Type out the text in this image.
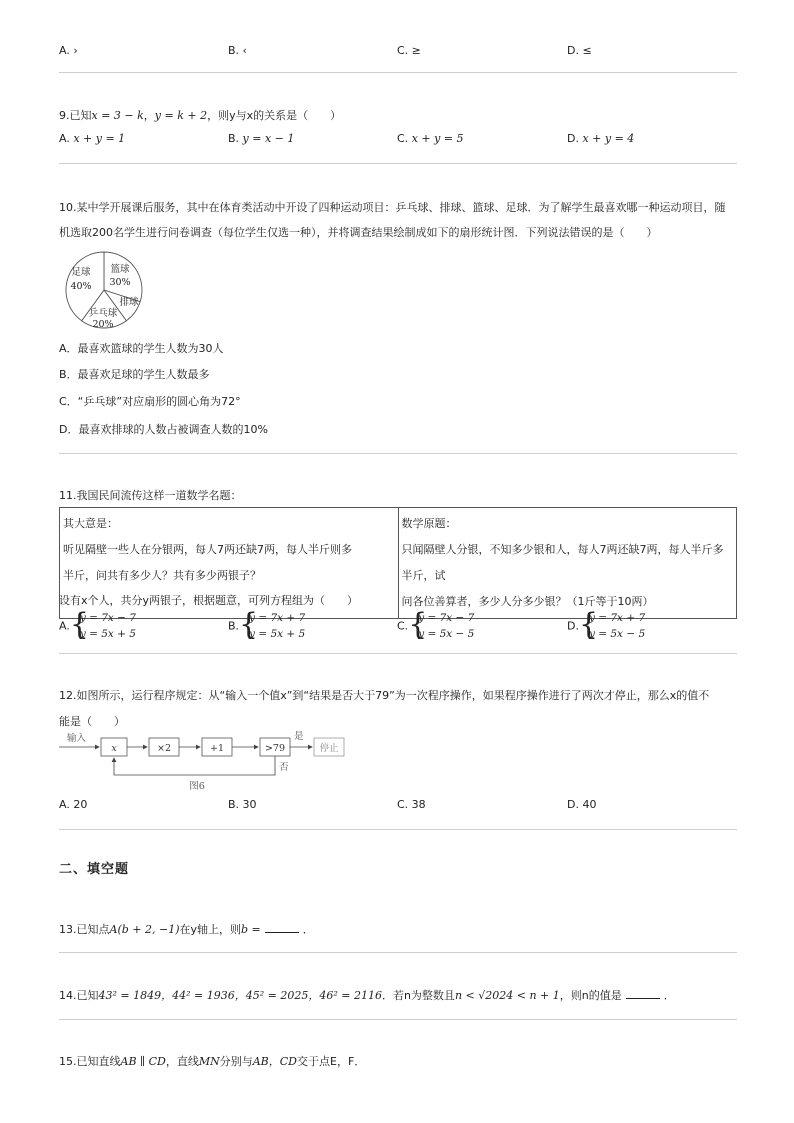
A. ›	B. ‹	C. ≥	D. ≤
9.已知x = 3 − k，y = k + 2，则y与x的关系是（　　）
A. x + y = 1	B. y = x − 1	C. x + y = 5	D. x + y = 4
10.某中学开展课后服务，其中在体育类活动中开设了四种运动项目：乒乓球、排球、篮球、足球．为了解学生最喜欢哪一种运动项目，随
机选取200名学生进行问卷调查（每位学生仅选一种），并将调查结果绘制成如下的扇形统计图．下列说法错误的是（　　）
足球
40%
篮球
30%
排球
乒乓球
20%
A．最喜欢篮球的学生人数为30人
B．最喜欢足球的学生人数最多
C．“乒乓球”对应扇形的圆心角为72°
D．最喜欢排球的人数占被调查人数的10%
11.我国民间流传这样一道数学名题：
其大意是：
听见隔壁一些人在分银两，每人7两还缺7两，每人半斤则多
半斤，问共有多少人？共有多少两银子？

数学原题：
只闻隔壁人分银，不知多少银和人，每人7两还缺7两，每人半斤多半斤，试
问各位善算者，多少人分多少银？（1斤等于10两）
设有x个人，共分y两银子，根据题意，可列方程组为（　　）
A. {
y = 7x − 7
y = 5x + 5
B. {
y = 7x + 7
y = 5x + 5
C. {
y = 7x − 7
y = 5x − 5
D. {
y = 7x + 7
y = 5x − 5
12.如图所示，运行程序规定：从“输入一个值x”到“结果是否大于79”为一次程序操作，如果程序操作进行了两次才停止，那么x的值不
能是（　　）
输入
x	×2	+1	>79
是
停止
否
图6
A. 20	B. 30	C. 38	D. 40
二、填空题
13.已知点A(b + 2, −1)在y轴上，则b =	．
14.已知43² = 1849，44² = 1936，45² = 2025，46² = 2116．若n为整数且n < √2024 < n + 1，则n的值是	．
15.已知直线AB ∥ CD，直线MN分别与AB，CD交于点E，F．
